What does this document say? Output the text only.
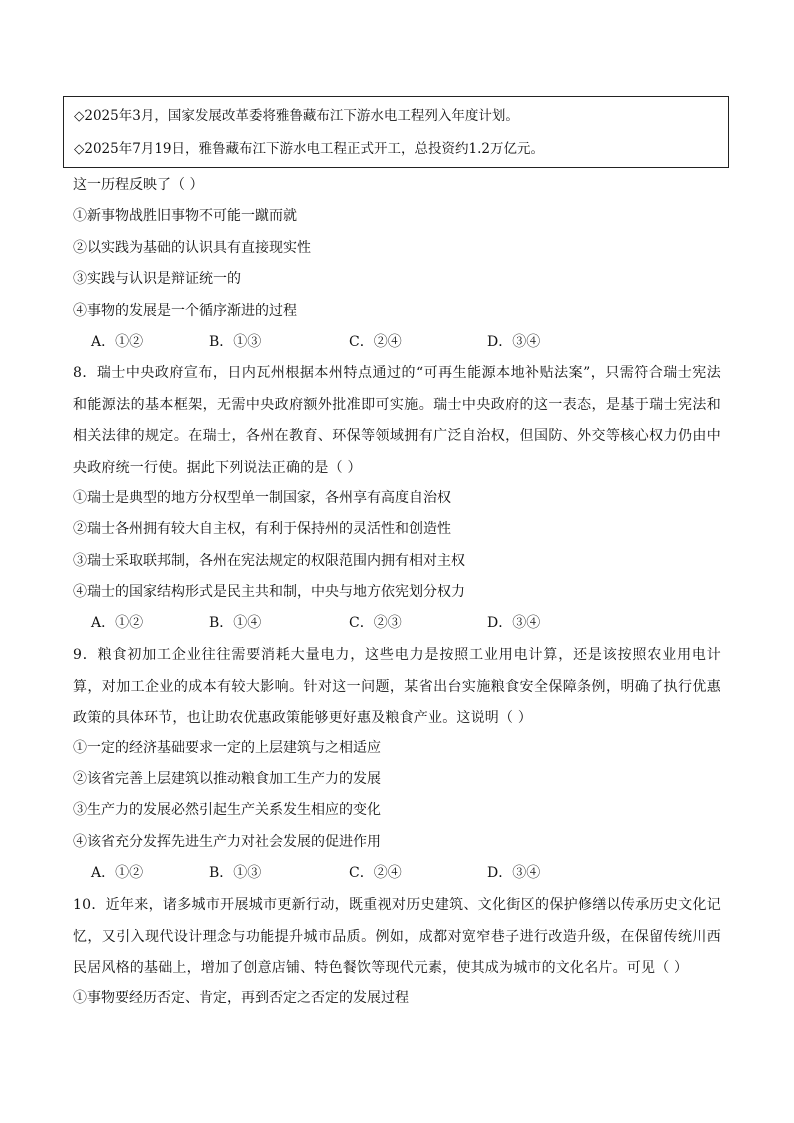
◇2025年3月，国家发展改革委将雅鲁藏布江下游水电工程列入年度计划。
◇2025年7月19日，雅鲁藏布江下游水电工程正式开工，总投资约1.2万亿元。
这一历程反映了（ ）
①新事物战胜旧事物不可能一蹴而就
②以实践为基础的认识具有直接现实性
③实践与认识是辩证统一的
④事物的发展是一个循序渐进的过程
A．①②	B．①③	C．②④	D．③④
8．瑞士中央政府宣布，日内瓦州根据本州特点通过的“可再生能源本地补贴法案”，只需符合瑞士宪法和能源法的基本框架，无需中央政府额外批准即可实施。瑞士中央政府的这一表态，是基于瑞士宪法和相关法律的规定。在瑞士，各州在教育、环保等领域拥有广泛自治权，但国防、外交等核心权力仍由中央政府统一行使。据此下列说法正确的是（ ）
①瑞士是典型的地方分权型单一制国家，各州享有高度自治权
②瑞士各州拥有较大自主权，有利于保持州的灵活性和创造性
③瑞士采取联邦制，各州在宪法规定的权限范围内拥有相对主权
④瑞士的国家结构形式是民主共和制，中央与地方依宪划分权力
A．①②	B．①④	C．②③	D．③④
9．粮食初加工企业往往需要消耗大量电力，这些电力是按照工业用电计算，还是该按照农业用电计算，对加工企业的成本有较大影响。针对这一问题，某省出台实施粮食安全保障条例，明确了执行优惠政策的具体环节，也让助农优惠政策能够更好惠及粮食产业。这说明（ ）
①一定的经济基础要求一定的上层建筑与之相适应
②该省完善上层建筑以推动粮食加工生产力的发展
③生产力的发展必然引起生产关系发生相应的变化
④该省充分发挥先进生产力对社会发展的促进作用
A．①②	B．①③	C．②④	D．③④
10．近年来，诸多城市开展城市更新行动，既重视对历史建筑、文化街区的保护修缮以传承历史文化记忆，又引入现代设计理念与功能提升城市品质。例如，成都对宽窄巷子进行改造升级，在保留传统川西民居风格的基础上，增加了创意店铺、特色餐饮等现代元素，使其成为城市的文化名片。可见（ ）
①事物要经历否定、肯定，再到否定之否定的发展过程
